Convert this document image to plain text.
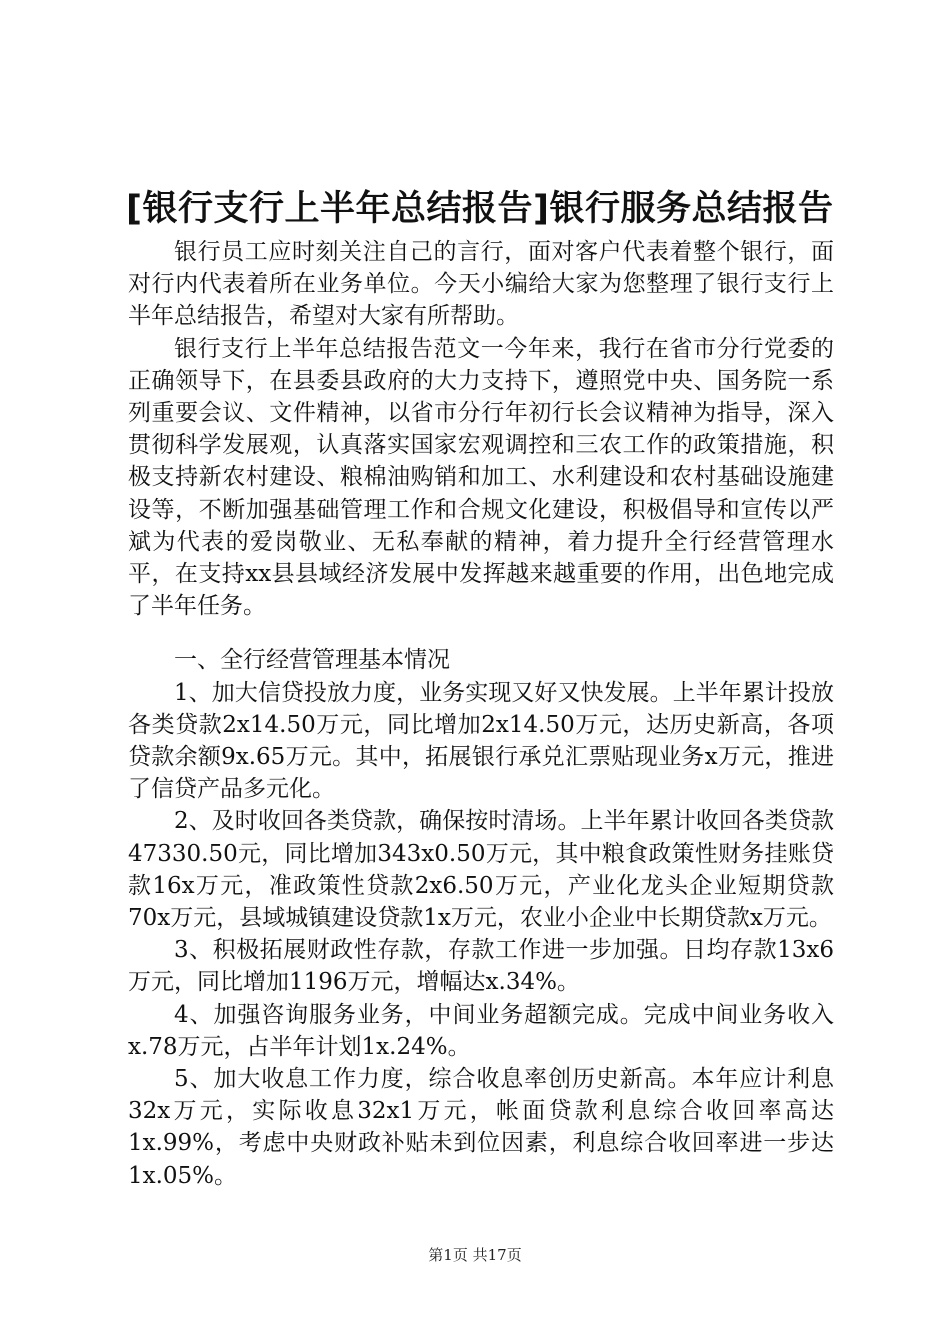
[银行支行上半年总结报告]银行服务总结报告

银行员工应时刻关注自己的言行，面对客户代表着整个银行，面对行内代表着所在业务单位。今天小编给大家为您整理了银行支行上半年总结报告，希望对大家有所帮助。

银行支行上半年总结报告范文一今年来，我行在省市分行党委的正确领导下，在县委县政府的大力支持下，遵照党中央、国务院一系列重要会议、文件精神，以省市分行年初行长会议精神为指导，深入贯彻科学发展观，认真落实国家宏观调控和三农工作的政策措施，积极支持新农村建设、粮棉油购销和加工、水利建设和农村基础设施建设等，不断加强基础管理工作和合规文化建设，积极倡导和宣传以严斌为代表的爱岗敬业、无私奉献的精神，着力提升全行经营管理水平，在支持xx县县域经济发展中发挥越来越重要的作用，出色地完成了半年任务。

一、全行经营管理基本情况

1、加大信贷投放力度，业务实现又好又快发展。上半年累计投放各类贷款2x14.50万元，同比增加2x14.50万元，达历史新高，各项贷款余额9x.65万元。其中，拓展银行承兑汇票贴现业务x万元，推进了信贷产品多元化。

2、及时收回各类贷款，确保按时清场。上半年累计收回各类贷款47330.50元，同比增加343x0.50万元，其中粮食政策性财务挂账贷款16x万元，准政策性贷款2x6.50万元，产业化龙头企业短期贷款70x万元，县域城镇建设贷款1x万元，农业小企业中长期贷款x万元。

3、积极拓展财政性存款，存款工作进一步加强。日均存款13x6万元，同比增加1196万元，增幅达x.34%。

4、加强咨询服务业务，中间业务超额完成。完成中间业务收入x.78万元，占半年计划1x.24%。

5、加大收息工作力度，综合收息率创历史新高。本年应计利息32x万元，实际收息32x1万元，帐面贷款利息综合收回率高达1x.99%，考虑中央财政补贴未到位因素，利息综合收回率进一步达1x.05%。

第1页 共17页
